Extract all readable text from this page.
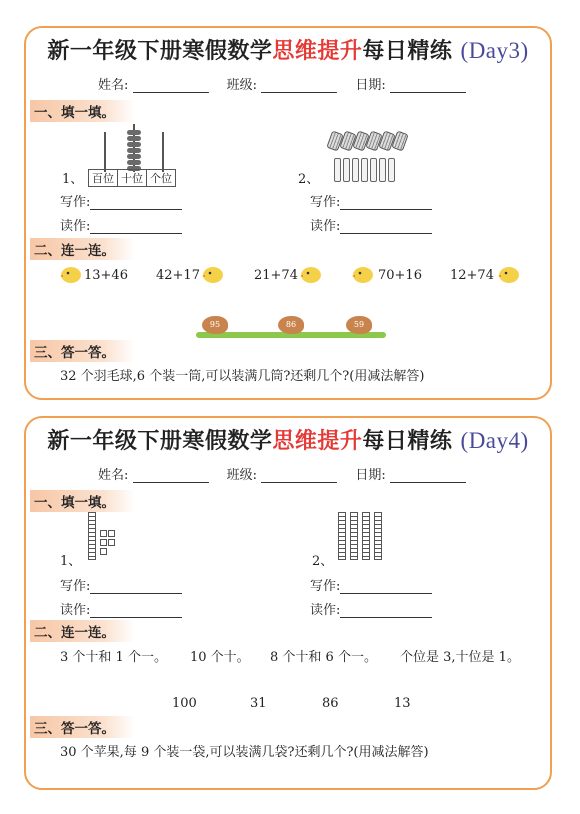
新一年级下册寒假数学思维提升每日精练 (Day3)
姓名:	班级:	日期:
一、填一填。
1、 百位 十位 个位	2、
写作:
读作:
写作:
读作:
二、连一连。
13+46 42+17	21+74	70+16 12+74
95	86	59
三、答一答。
32 个羽毛球,6 个装一筒,可以装满几筒?还剩几个?(用减法解答)
新一年级下册寒假数学思维提升每日精练 (Day4)
姓名:	班级:	日期:
一、填一填。
1、	2、
写作:
读作:
写作:
读作:
二、连一连。
3 个十和 1 个一。 10 个十。 8 个十和 6 个一。 个位是 3,十位是 1。
100	31	86	13
三、答一答。
30 个苹果,每 9 个装一袋,可以装满几袋?还剩几个?(用减法解答)
